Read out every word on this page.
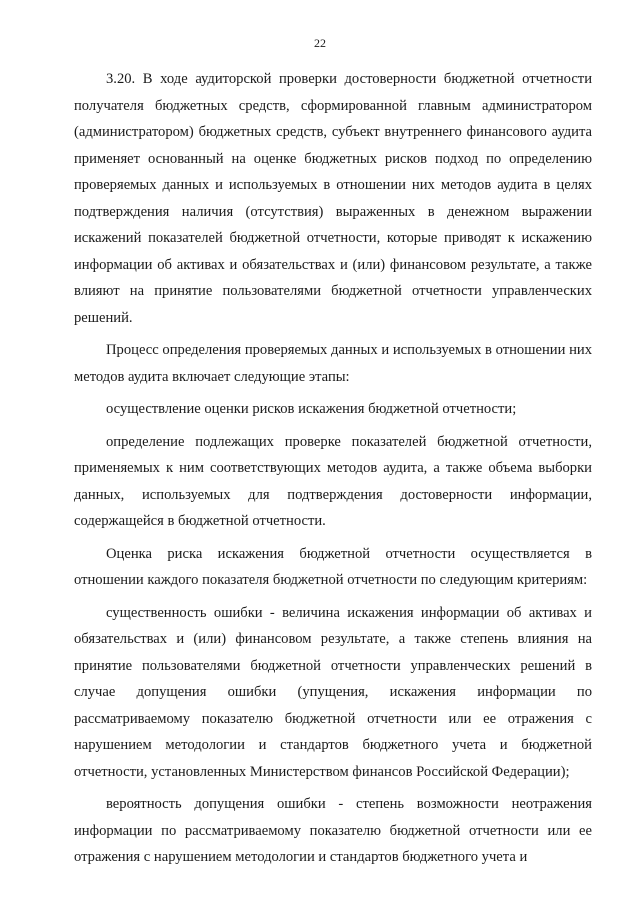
22

3.20. В ходе аудиторской проверки достоверности бюджетной отчетности получателя бюджетных средств, сформированной главным администратором (администратором) бюджетных средств, субъект внутреннего финансового аудита применяет основанный на оценке бюджетных рисков подход по определению проверяемых данных и используемых в отношении них методов аудита в целях подтверждения наличия (отсутствия) выраженных в денежном выражении искажений показателей бюджетной отчетности, которые приводят к искажению информации об активах и обязательствах и (или) финансовом результате, а также влияют на принятие пользователями бюджетной отчетности управленческих решений.

Процесс определения проверяемых данных и используемых в отношении них методов аудита включает следующие этапы:

осуществление оценки рисков искажения бюджетной отчетности;

определение подлежащих проверке показателей бюджетной отчетности, применяемых к ним соответствующих методов аудита, а также объема выборки данных, используемых для подтверждения достоверности информации, содержащейся в бюджетной отчетности.

Оценка риска искажения бюджетной отчетности осуществляется в отношении каждого показателя бюджетной отчетности по следующим критериям:

существенность ошибки - величина искажения информации об активах и обязательствах и (или) финансовом результате, а также степень влияния на принятие пользователями бюджетной отчетности управленческих решений в случае допущения ошибки (упущения, искажения информации по рассматриваемому показателю бюджетной отчетности или ее отражения с нарушением методологии и стандартов бюджетного учета и бюджетной отчетности, установленных Министерством финансов Российской Федерации);

вероятность допущения ошибки - степень возможности неотражения информации по рассматриваемому показателю бюджетной отчетности или ее отражения с нарушением методологии и стандартов бюджетного учета и
